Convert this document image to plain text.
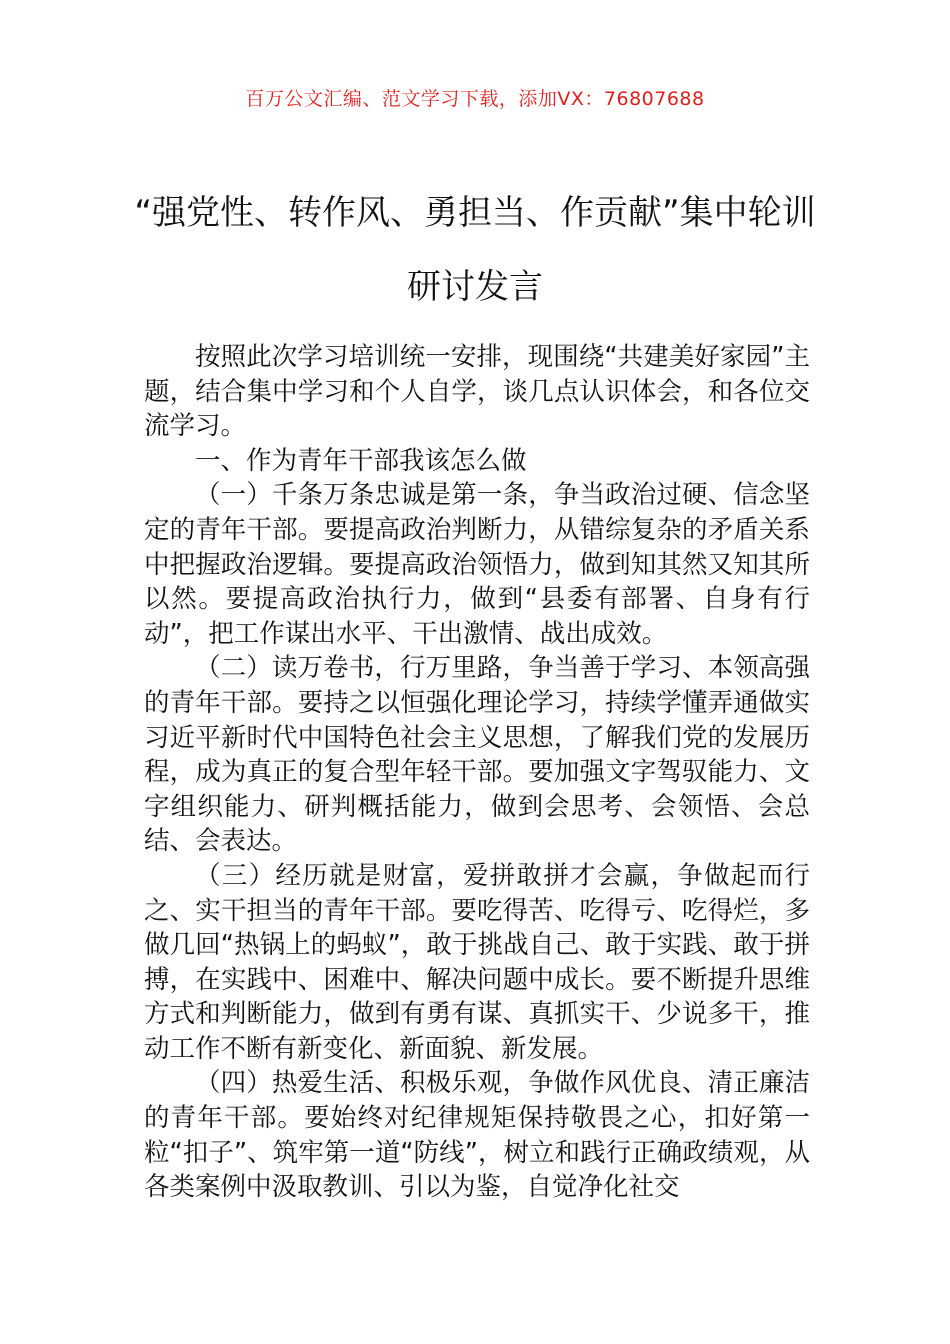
百万公文汇编、范文学习下载，添加VX：76807688
“强党性、转作风、勇担当、作贡献”集中轮训研讨发言

按照此次学习培训统一安排，现围绕“共建美好家园”主题，结合集中学习和个人自学，谈几点认识体会，和各位交流学习。

一、作为青年干部我该怎么做

（一）千条万条忠诚是第一条，争当政治过硬、信念坚定的青年干部。要提高政治判断力，从错综复杂的矛盾关系中把握政治逻辑。要提高政治领悟力，做到知其然又知其所以然。要提高政治执行力，做到“县委有部署、自身有行动”，把工作谋出水平、干出激情、战出成效。

（二）读万卷书，行万里路，争当善于学习、本领高强的青年干部。要持之以恒强化理论学习，持续学懂弄通做实习近平新时代中国特色社会主义思想，了解我们党的发展历程，成为真正的复合型年轻干部。要加强文字驾驭能力、文字组织能力、研判概括能力，做到会思考、会领悟、会总结、会表达。

（三）经历就是财富，爱拼敢拼才会赢，争做起而行之、实干担当的青年干部。要吃得苦、吃得亏、吃得烂，多做几回“热锅上的蚂蚁”，敢于挑战自己、敢于实践、敢于拼搏，在实践中、困难中、解决问题中成长。要不断提升思维方式和判断能力，做到有勇有谋、真抓实干、少说多干，推动工作不断有新变化、新面貌、新发展。

（四）热爱生活、积极乐观，争做作风优良、清正廉洁的青年干部。要始终对纪律规矩保持敬畏之心，扣好第一粒“扣子”、筑牢第一道“防线”，树立和践行正确政绩观，从各类案例中汲取教训、引以为鉴，自觉净化社交
